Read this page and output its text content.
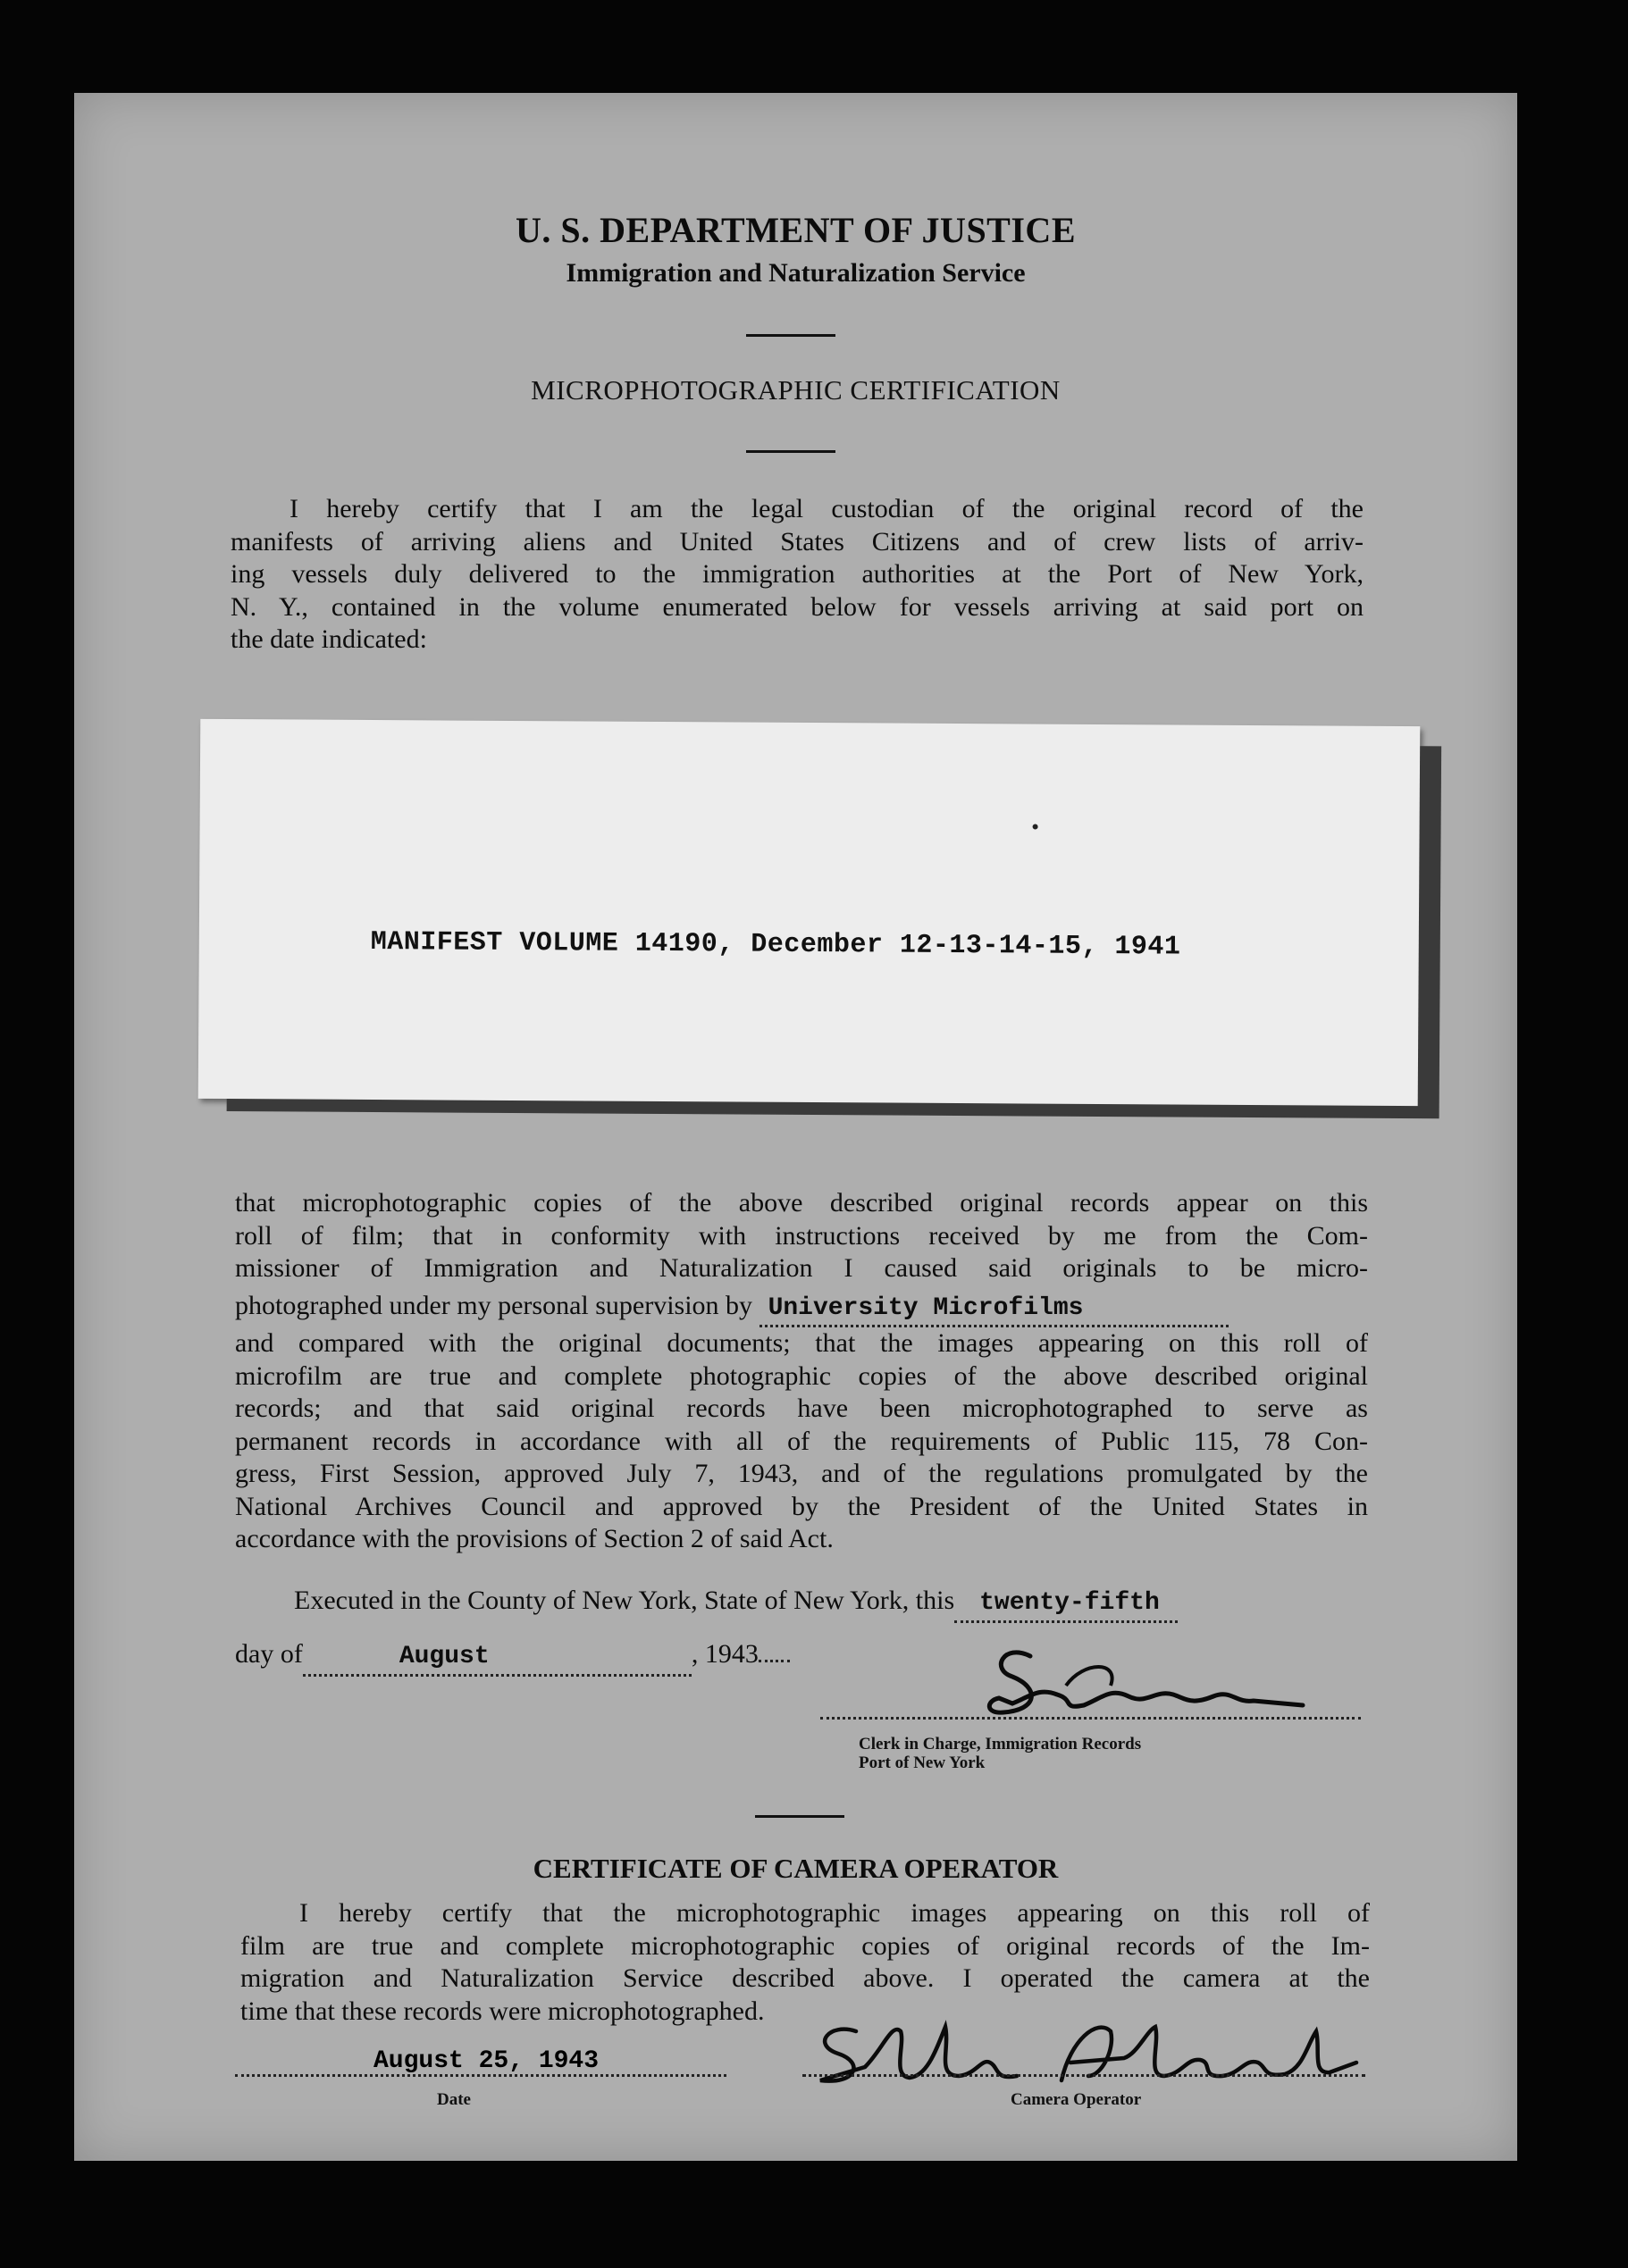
U. S. DEPARTMENT OF JUSTICE
Immigration and Naturalization Service
MICROPHOTOGRAPHIC CERTIFICATION
I hereby certify that I am the legal custodian of the original record of the
manifests of arriving aliens and United States Citizens and of crew lists of arriv-
ing vessels duly delivered to the immigration authorities at the Port of New York,
N. Y., contained in the volume enumerated below for vessels arriving at said port on
the date indicated:
MANIFEST VOLUME 14190, December 12-13-14-15, 1941
that microphotographic copies of the above described original records appear on this
roll of film; that in conformity with instructions received by me from the Com-
missioner of Immigration and Naturalization I caused said originals to be micro-
photographed under my personal supervision by University Microfilms
and compared with the original documents; that the images appearing on this roll of
microfilm are true and complete photographic copies of the above described original
records; and that said original records have been microphotographed to serve as
permanent records in accordance with all of the requirements of Public 115, 78 Con-
gress, First Session, approved July 7, 1943, and of the regulations promulgated by the
National Archives Council and approved by the President of the United States in
accordance with the provisions of Section 2 of said Act.
Executed in the County of New York, State of New York, this twenty-fifth
day of	August	, 1943
Clerk in Charge, Immigration Records
Port of New York
CERTIFICATE OF CAMERA OPERATOR
I hereby certify that the microphotographic images appearing on this roll of
film are true and complete microphotographic copies of original records of the Im-
migration and Naturalization Service described above. I operated the camera at the
time that these records were microphotographed.
August 25, 1943
Date	Camera Operator
